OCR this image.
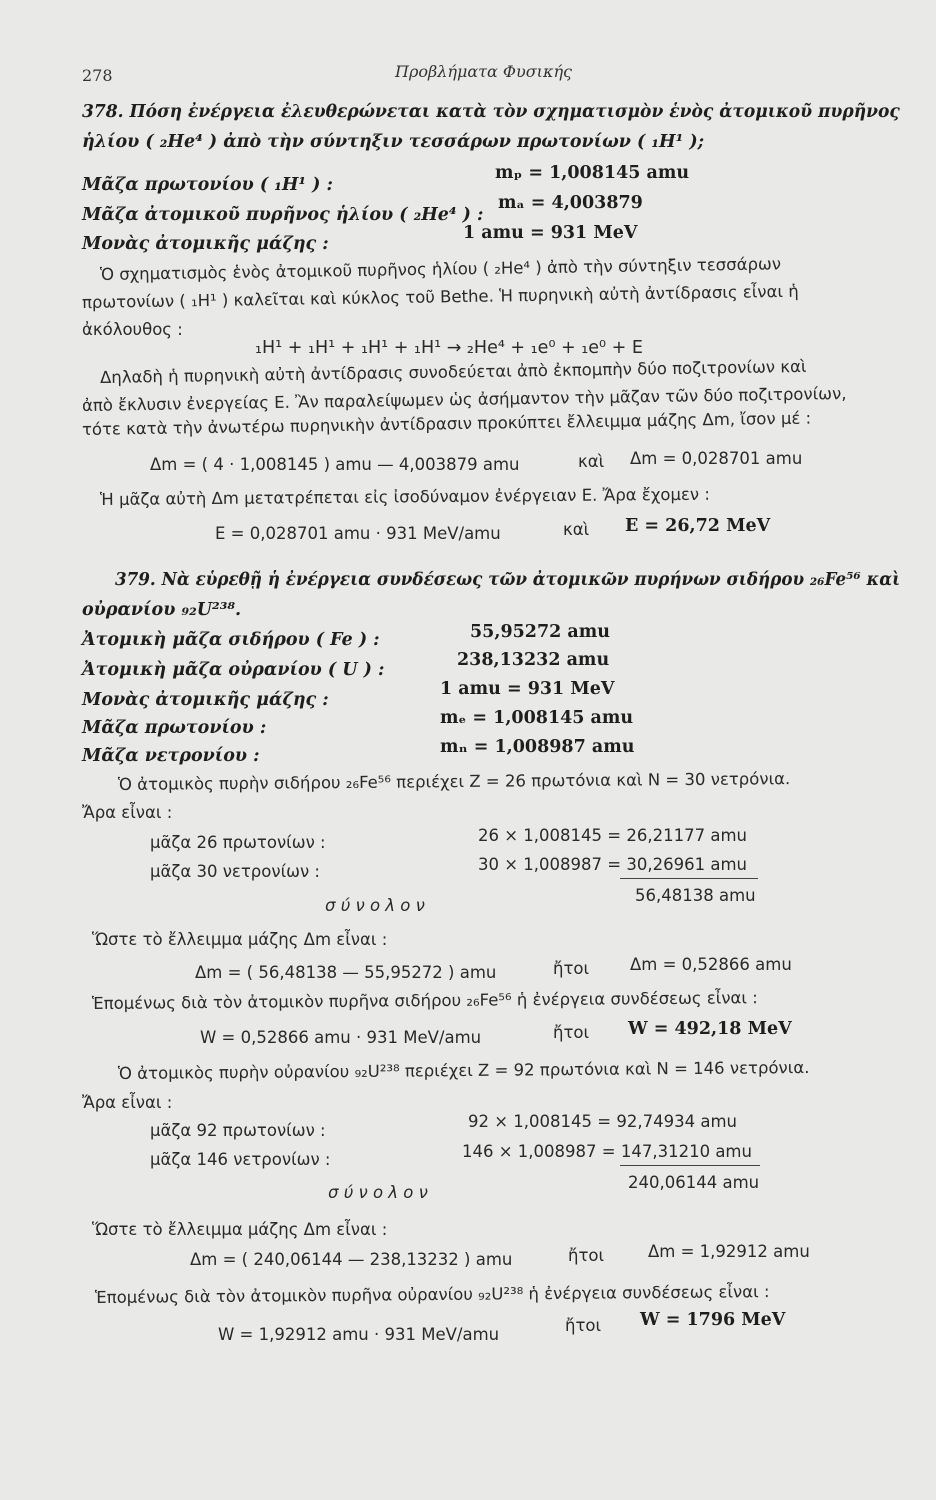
278	Προβλήματα Φυσικής
378. Πόση ἐνέργεια ἐλευθερώνεται κατὰ τὸν σχηματισμὸν ἑνὸς ἀτομικοῦ πυρῆνος
ἡλίου ( ₂He⁴ ) ἀπὸ τὴν σύντηξιν τεσσάρων πρωτονίων ( ₁H¹ );
Μᾶζα πρωτονίου ( ₁H¹ ) :
mₚ = 1,008145 amu
Μᾶζα ἀτομικοῦ πυρῆνος ἡλίου ( ₂He⁴ ) :
mₐ = 4,003879
Μονὰς ἀτομικῆς μάζης :
1 amu = 931 MeV
Ὁ σχηματισμὸς ἑνὸς ἀτομικοῦ πυρῆνος ἡλίου ( ₂He⁴ ) ἀπὸ τὴν σύντηξιν τεσσάρων
πρωτονίων ( ₁H¹ ) καλεῖται καὶ κύκλος τοῦ Bethe. Ἡ πυρηνικὴ αὐτὴ ἀντίδρασις εἶναι ἡ
ἀκόλουθος :
₁H¹ + ₁H¹ + ₁H¹ + ₁H¹ → ₂He⁴ + ₁e⁰ + ₁e⁰ + E
Δηλαδὴ ἡ πυρηνικὴ αὐτὴ ἀντίδρασις συνοδεύεται ἀπὸ ἐκπομπὴν δύο ποζιτρονίων καὶ
ἀπὸ ἔκλυσιν ἐνεργείας E. Ἂν παραλείψωμεν ὡς ἀσήμαντον τὴν μᾶζαν τῶν δύο ποζιτρονίων,
τότε κατὰ τὴν ἀνωτέρω πυρηνικὴν ἀντίδρασιν προκύπτει ἔλλειμμα μάζης Δm, ἴσον μέ :
Δm = ( 4 · 1,008145 ) amu — 4,003879 amu	καὶ Δm = 0,028701 amu
Ἡ μᾶζα αὐτὴ Δm μετατρέπεται εἰς ἰσοδύναμον ἐνέργειαν E. Ἄρα ἔχομεν :
E = 0,028701 amu · 931 MeV/amu	καὶ E = 26,72 MeV
379. Νὰ εὑρεθῇ ἡ ἐνέργεια συνδέσεως τῶν ἀτομικῶν πυρήνων σιδήρου ₂₆Fe⁵⁶ καὶ
οὐρανίου ₉₂U²³⁸.
Ἀτομικὴ μᾶζα σιδήρου ( Fe ) :	55,95272 amu
Ἀτομικὴ μᾶζα οὐρανίου ( U ) :	238,13232 amu
Μονὰς ἀτομικῆς μάζης :
1 amu = 931 MeV
Μᾶζα πρωτονίου :	mₑ = 1,008145 amu
Μᾶζα νετρονίου :	mₙ = 1,008987 amu
Ὁ ἀτομικὸς πυρὴν σιδήρου ₂₆Fe⁵⁶ περιέχει Z = 26 πρωτόνια καὶ N = 30 νετρόνια.
Ἄρα εἶναι :
μᾶζα 26 πρωτονίων :	26 × 1,008145 = 26,21177 amu
μᾶζα 30 νετρονίων :	30 × 1,008987 = 30,26961 amu
σ ύ ν ο λ ο ν
56,48138 amu
Ὥστε τὸ ἔλλειμμα μάζης Δm εἶναι :
Δm = ( 56,48138 — 55,95272 ) amu	ἤτοι Δm = 0,52866 amu
Ἑπομένως διὰ τὸν ἀτομικὸν πυρῆνα σιδήρου ₂₆Fe⁵⁶ ἡ ἐνέργεια συνδέσεως εἶναι :
W = 0,52866 amu · 931 MeV/amu	ἤτοι W = 492,18 MeV
Ὁ ἀτομικὸς πυρὴν οὐρανίου ₉₂U²³⁸ περιέχει Z = 92 πρωτόνια καὶ N = 146 νετρόνια.
Ἄρα εἶναι :
μᾶζα 92 πρωτονίων :	92 × 1,008145 = 92,74934 amu
μᾶζα 146 νετρονίων :	146 × 1,008987 = 147,31210 amu
σ ύ ν ο λ ο ν
240,06144 amu
Ὥστε τὸ ἔλλειμμα μάζης Δm εἶναι :
Δm = ( 240,06144 — 238,13232 ) amu	ἤτοι	Δm = 1,92912 amu
Ἑπομένως διὰ τὸν ἀτομικὸν πυρῆνα οὐρανίου ₉₂U²³⁸ ἡ ἐνέργεια συνδέσεως εἶναι :
W = 1,92912 amu · 931 MeV/amu	ἤτοι W = 1796 MeV
